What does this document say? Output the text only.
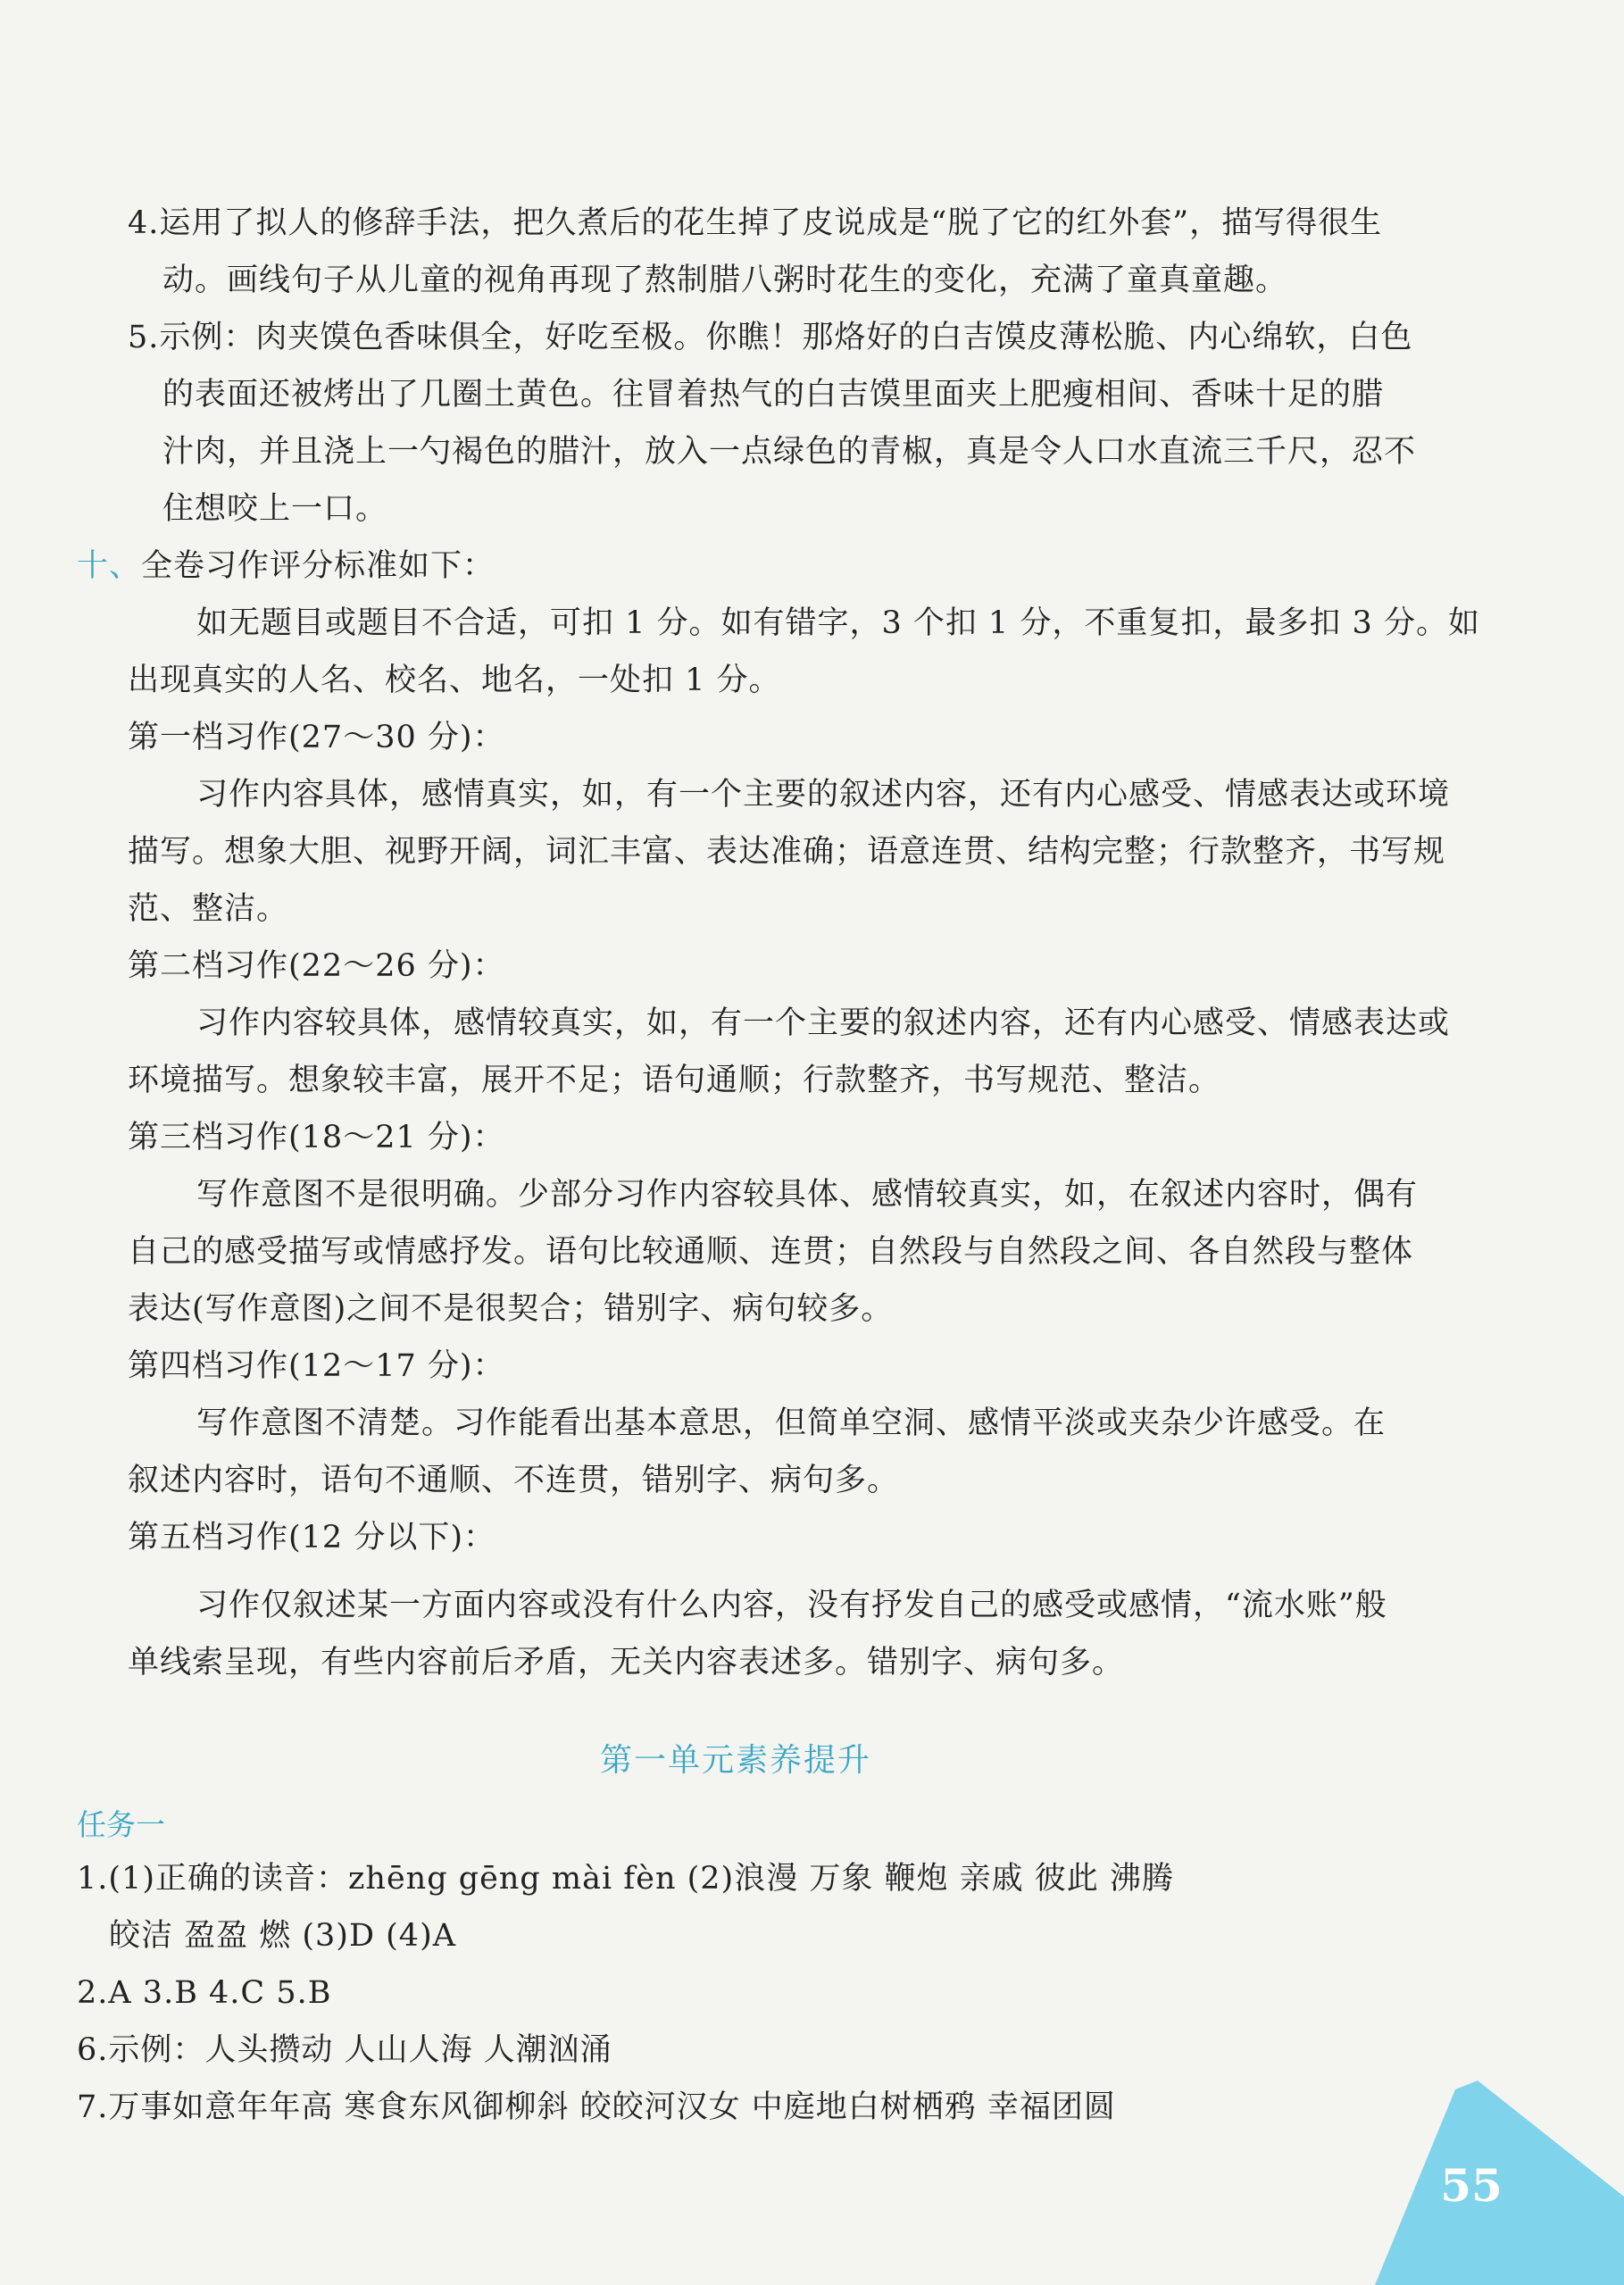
4.运用了拟人的修辞手法，把久煮后的花生掉了皮说成是“脱了它的红外套”，描写得很生
动。画线句子从儿童的视角再现了熬制腊八粥时花生的变化，充满了童真童趣。
5.示例：肉夹馍色香味俱全，好吃至极。你瞧！那烙好的白吉馍皮薄松脆、内心绵软，白色
的表面还被烤出了几圈土黄色。往冒着热气的白吉馍里面夹上肥瘦相间、香味十足的腊
汁肉，并且浇上一勺褐色的腊汁，放入一点绿色的青椒，真是令人口水直流三千尺，忍不
住想咬上一口。
十、全卷习作评分标准如下：
如无题目或题目不合适，可扣 1 分。如有错字，3 个扣 1 分，不重复扣，最多扣 3 分。如
出现真实的人名、校名、地名，一处扣 1 分。
第一档习作(27～30 分)：
习作内容具体，感情真实，如，有一个主要的叙述内容，还有内心感受、情感表达或环境
描写。想象大胆、视野开阔，词汇丰富、表达准确；语意连贯、结构完整；行款整齐，书写规
范、整洁。
第二档习作(22～26 分)：
习作内容较具体，感情较真实，如，有一个主要的叙述内容，还有内心感受、情感表达或
环境描写。想象较丰富，展开不足；语句通顺；行款整齐，书写规范、整洁。
第三档习作(18～21 分)：
写作意图不是很明确。少部分习作内容较具体、感情较真实，如，在叙述内容时，偶有
自己的感受描写或情感抒发。语句比较通顺、连贯；自然段与自然段之间、各自然段与整体
表达(写作意图)之间不是很契合；错别字、病句较多。
第四档习作(12～17 分)：
写作意图不清楚。习作能看出基本意思，但简单空洞、感情平淡或夹杂少许感受。在
叙述内容时，语句不通顺、不连贯，错别字、病句多。
第五档习作(12 分以下)：
习作仅叙述某一方面内容或没有什么内容，没有抒发自己的感受或感情，“流水账”般
单线索呈现，有些内容前后矛盾，无关内容表述多。错别字、病句多。
第一单元素养提升
任务一
1.(1)正确的读音：zhēng gēng mài fèn (2)浪漫 万象 鞭炮 亲戚 彼此 沸腾
皎洁 盈盈 燃 (3)D (4)A
2.A 3.B 4.C 5.B
6.示例：人头攒动 人山人海 人潮汹涌
7.万事如意年年高 寒食东风御柳斜 皎皎河汉女 中庭地白树栖鸦 幸福团圆
55
